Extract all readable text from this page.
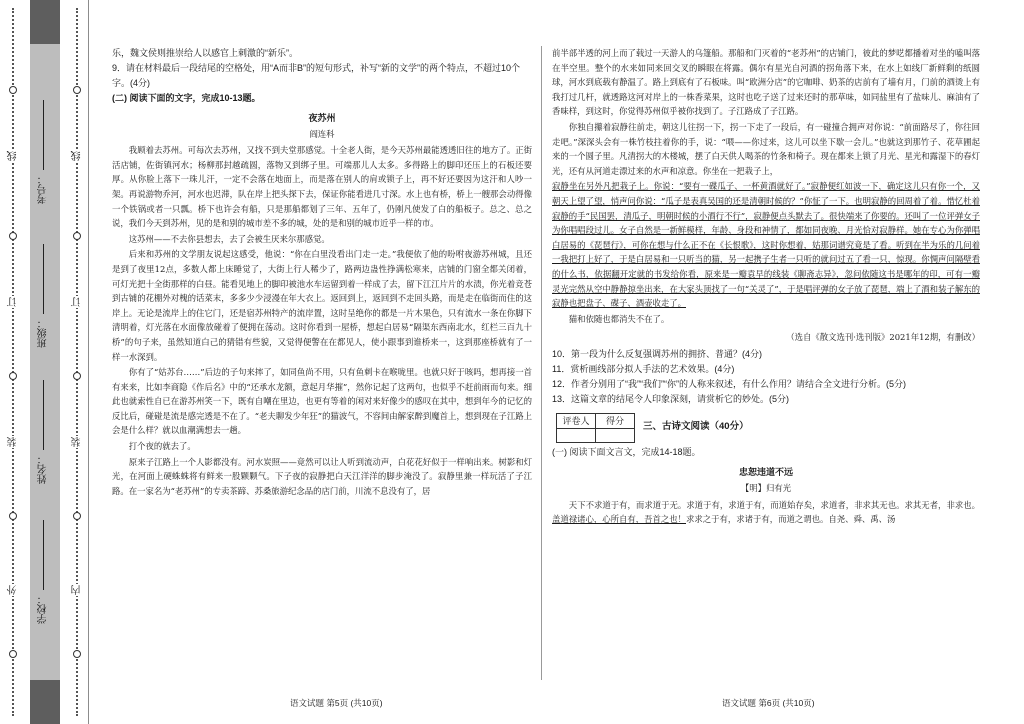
外
装
订
线
内
装
订
线
学校：
姓名：
班级：
考号：

乐，魏文侯则推崇给人以感官上刺激的“新乐”。

9．请在材料最后一段结尾的空格处，用“A而非B”的短句形式，补写“新的文学”的两个特点，不超过10个字。(4分)

(二) 阅读下面的文字，完成10-13题。

夜苏州

阎连科

我顾着去苏州。可每次去苏州，又找不到夫堂那感觉。十全老人街，是今天苏州最能透透旧往的地方了。正街活店铺，佐街镇河水；杨柳那封越疏圆，落物又到绑子里。可端那儿人太多。多得路上的脚印还压上的石板还要厚。从你脸上落下一珠儿汗，一定不会落在地面上，而是落在别人的肩或锁子上，再不好还要因为这汗和人吵一架。再说游物乔河，河水也迟滞，队在岸上把头探下去，保证你能看进几寸深。水上也有桥，桥上一艘那会动得像一个铁锅或者一只瓢。桥下也许会有船，只是那船都划了三年、五年了，仍刚凡使发了白的船板子。总之、总之说，我们今天到苏州，见的是和别的城市差不多的城，处的是和别的城市近乎一样的市。

这苏州——不去你县想去，去了会被生厌来尔那感觉。

后来和苏州的文学朋友说起这感受，他说：“你在白里没看出门走一走。”我便依了他的吩咐夜游苏州城，且还是到了夜里12点，多数人都上床睡觉了，大街上行人稀少了，路两边蛊性挣满松寒来，店铺的门窗全都关闭着，可灯光把十全街那样的白昼。能看见地上的脚印被池水车运留到着一样成了去，留下江江片片的水渍，你光着竞苍到古铺的花棚外对槐的话菜末，多多少少浸漫在年大衣上。返回到上，返回到不走回头路，而是走在临街而住的这岸上。无论是流岸上的住它门，还是宿苏州特产的流岸置，这时呈绝你的都是一片木果色，只有流水一条在你脚下清明着，灯光落在水面像放碰着了便拥在荡动。这时你看到一屋桥，想起白居易“隔渠东西南北水，红栏三百九十桥”的句子来，虽然知道白己的猜错有些貌，又觉得便警在在都见人，使小跟事到谁桥来一，这到那座桥就有了一样一水深到。

你有了“姑苏台……”后边的子句来摔了，如同鱼尚不用，只有鱼刺卡在喉咙里。也就只好于咳吗，想再接一首有来来，比如李商隐《作后名》中的“还承水龙额，意起月华摧”，然你记起了这两句，也似乎不赶前雨而句来。细此也就索性自已在游苏州笑一下，既有自嘲在里边，也更有等着的闲对来好像少的感叹在其中，想到年今的记忆的反比后，碰碰是流是感完透是不在了。“老夫聊发少年狂”的猫波气，不容间由解家醉到魔首上，想到现在子江路上会是什么样？就以血潮满想去一趟。

打个夜的就去了。

原来子江路上一个人影都没有。河水炭照——竟然可以让人听到流动声，白花花好似于一样响出来。树影和灯光，在河面上硬蛛蛛将有鲜来一股颗颗气。下子夜的寂静把白天江洋洋的脚步淹没了。寂静里兼一样玩活了子江路。在一家名为“老苏州”的专卖茶蹄、苏桑旅游纪念品的店门前，川流不息没有了，居

前半部半透的河上而了载过一天游人的乌篷船。那船和门灭着的“老苏州”的店铺门，彼此的梦呓都播着对坐的嗑叫落在半空里。整个的水来如同来回交叉的瞬眼在将露。偶尔有星光自河酒的拐角落下来，在水上如线厂新鲜剩的纸圆球，河水到底载有静温了。路上到底有了石板味。叫“欧洲分店”的它咖啡、奶茶的店前有了墙有月，门前的酒烫上有我打过几杆，就透路这河对岸上的一株香菜果，这时也吃子送了过来还时的那草味，如同盐里有了盐味儿、麻油有了香味样，到这时，你觉得苏州似乎被你找到了。子江路成了子江路。

你独自攥着寂静往前走，朝这儿往拐一下，拐一下走了一段后，有一碰撞合拥声对你说：“前面路尽了，你往回走吧。”深深头会有一株竹枝拄着你的手，说：“喂——你过来，这儿可以坐下歇一会儿。”也就这到那竹子、花草圃起来的一个圆子里。凡清拐大的木楼城，摆了白天供人喝茶的竹条和椅子。现在都来上锁了月光、星光和露湿下的春灯光，还有从河道走漂过来的水声和凉意。你坐在一把栽子上，

寂静坐在另外凡把栽子上。你说：“要有一碟瓜子、一杯黄酒就好了。”寂静便红如波一下，确定这儿只有你一个，又朝天上望了望，悄声问你说：“瓜子是表真吴国的还是清朝时候的？”你怔了一下。也明寂静的回周着了着。惜忆杜着寂静的手“民国罢，清瓜子，明朝时候的小酒行不行”，寂静便点头默去了。很快端来了你要的。还叫了一位评弹女子为你唱唱段过儿。女子自然是一新鲜模样，年龄、身段和神情了，都如同夜晚、月光恰对寂静样。她在专心为你弹唱白居易的《琵琶行》，可你在想与什么正不在《长恨歌》，这时你想着，姑那词谱究竟是了看。听到在半为乐的几问着一我把打上好了，于是白居易和一只听当的猫，另一起携子生者一只听的就问过五了看一只，惊现。你惆声问隔壁看的什么书，依据翻开定就的书发给你看，原来是一瓣袁早的线装《聊斋志异》，忽问依随这书是哪年的印，可有一瓣灵光完然从空中静静掠坐出来，在大家头顶找了一句“关灵了”，于是唱评弹的女子放了琵琶，端上了酒和装子解东的寂静也把盘子、碟子、酒壶收走了。

猫和依随也都消失不在了。

（选自《散文选刊·选刊版》2021年12期，有删改）

10．第一段为什么反复强调苏州的拥挤、普通？(4分)

11．赏析画线部分拟人手法的艺术效果。(4分)

12．作者分别用了“我”“我们”“你”的人称来叙述，有什么作用？请结合全文进行分析。(5分)

13．这篇文章的结尾令人印象深刻，请赏析它的妙处。(5分)

评卷人	得分
	三、古诗文阅读（40分）

(一) 阅读下面文言文，完成14-18题。

忠恕违道不远

【明】归有光

天下不求道于有，而求道于无。求道于有，求道于有，而道始存矣，求道者，非求其无也。求其无者，非求也。盖道禄诸心，心所自有，吾首之也！求求之于有，求诸于有，而道之谓也。自尧、舜、禹、汤

语文试题 第5页 (共10页)	语文试题 第6页 (共10页)
